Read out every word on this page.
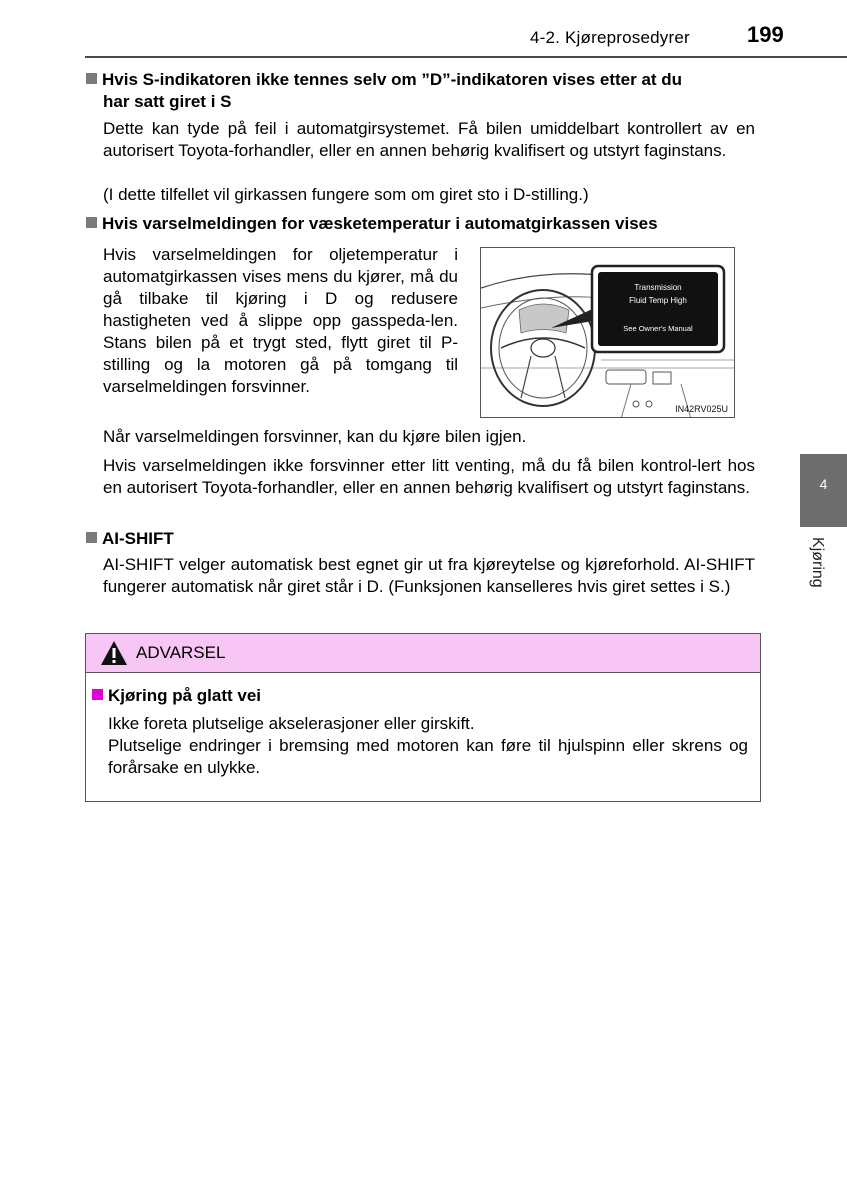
4-2. Kjøreprosedyrer	199
4
Kjøring
Hvis S-indikatoren ikke tennes selv om ”D”-indikatoren vises etter at du
har satt giret i S
Dette kan tyde på feil i automatgirsystemet. Få bilen umiddelbart kontrollert av en autorisert Toyota-forhandler, eller en annen behørig kvalifisert og utstyrt faginstans.
(I dette tilfellet vil girkassen fungere som om giret sto i D-stilling.)
Hvis varselmeldingen for væsketemperatur i automatgirkassen vises
Hvis varselmeldingen for oljetemperatur i automatgirkassen vises mens du kjører, må du gå tilbake til kjøring i D og redusere hastigheten ved å slippe opp gasspeda-len. Stans bilen på et trygt sted, flytt giret til P-stilling og la motoren gå på tomgang til varselmeldingen forsvinner.
Transmission
Fluid Temp High
See Owner's Manual
IN42RV025U
Når varselmeldingen forsvinner, kan du kjøre bilen igjen.
Hvis varselmeldingen ikke forsvinner etter litt venting, må du få bilen kontrol-lert hos en autorisert Toyota-forhandler, eller en annen behørig kvalifisert og utstyrt faginstans.
AI-SHIFT
AI-SHIFT velger automatisk best egnet gir ut fra kjøreytelse og kjøreforhold. AI-SHIFT fungerer automatisk når giret står i D. (Funksjonen kanselleres hvis giret settes i S.)
ADVARSEL
Kjøring på glatt vei
Ikke foreta plutselige akselerasjoner eller girskift.
Plutselige endringer i bremsing med motoren kan føre til hjulspinn eller skrens og forårsake en ulykke.
